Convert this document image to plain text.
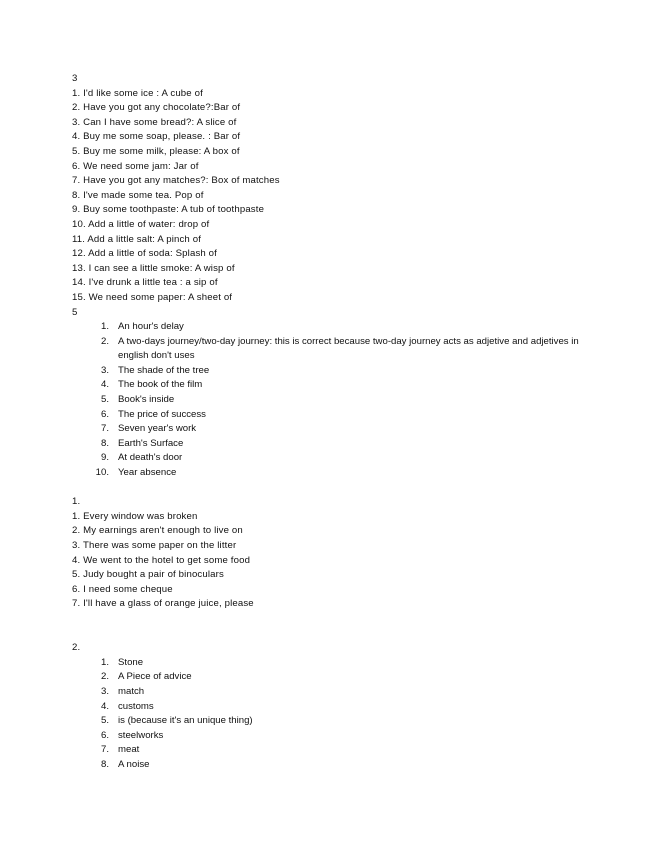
3
1. I'd like some ice : A cube of
2. Have you got any chocolate?:Bar of
3. Can I have some bread?: A slice of
4. Buy me some soap, please. : Bar of
5. Buy me some milk, please: A box of
6. We need some jam: Jar of
7. Have you got any matches?: Box of matches
8. I've made some tea. Pop of
9. Buy some toothpaste: A tub of toothpaste
10. Add a little of water: drop of
11. Add a little salt: A pinch of
12. Add a little of soda: Splash of
13. I can see a little smoke: A wisp of
14. I've drunk a little tea : a sip of
15. We need some paper: A sheet of
5
1. An hour's delay
2. A two-days journey/two-day journey: this is correct because two-day journey acts as adjetive and adjetives in english don't uses
3. The shade of the tree
4. The book of the film
5. Book's inside
6. The price of success
7. Seven year's work
8. Earth's Surface
9. At death's door
10. Year absence
1.
1. Every window was broken
2. My earnings aren't enough to live on
3. There was some paper on the litter
4. We went to the hotel to get some food
5. Judy bought a pair of binoculars
6. I need some cheque
7. I'll have a glass of orange juice, please
2.
1. Stone
2. A Piece of advice
3. match
4. customs
5. is (because it's an unique thing)
6. steelworks
7. meat
8. A noise
